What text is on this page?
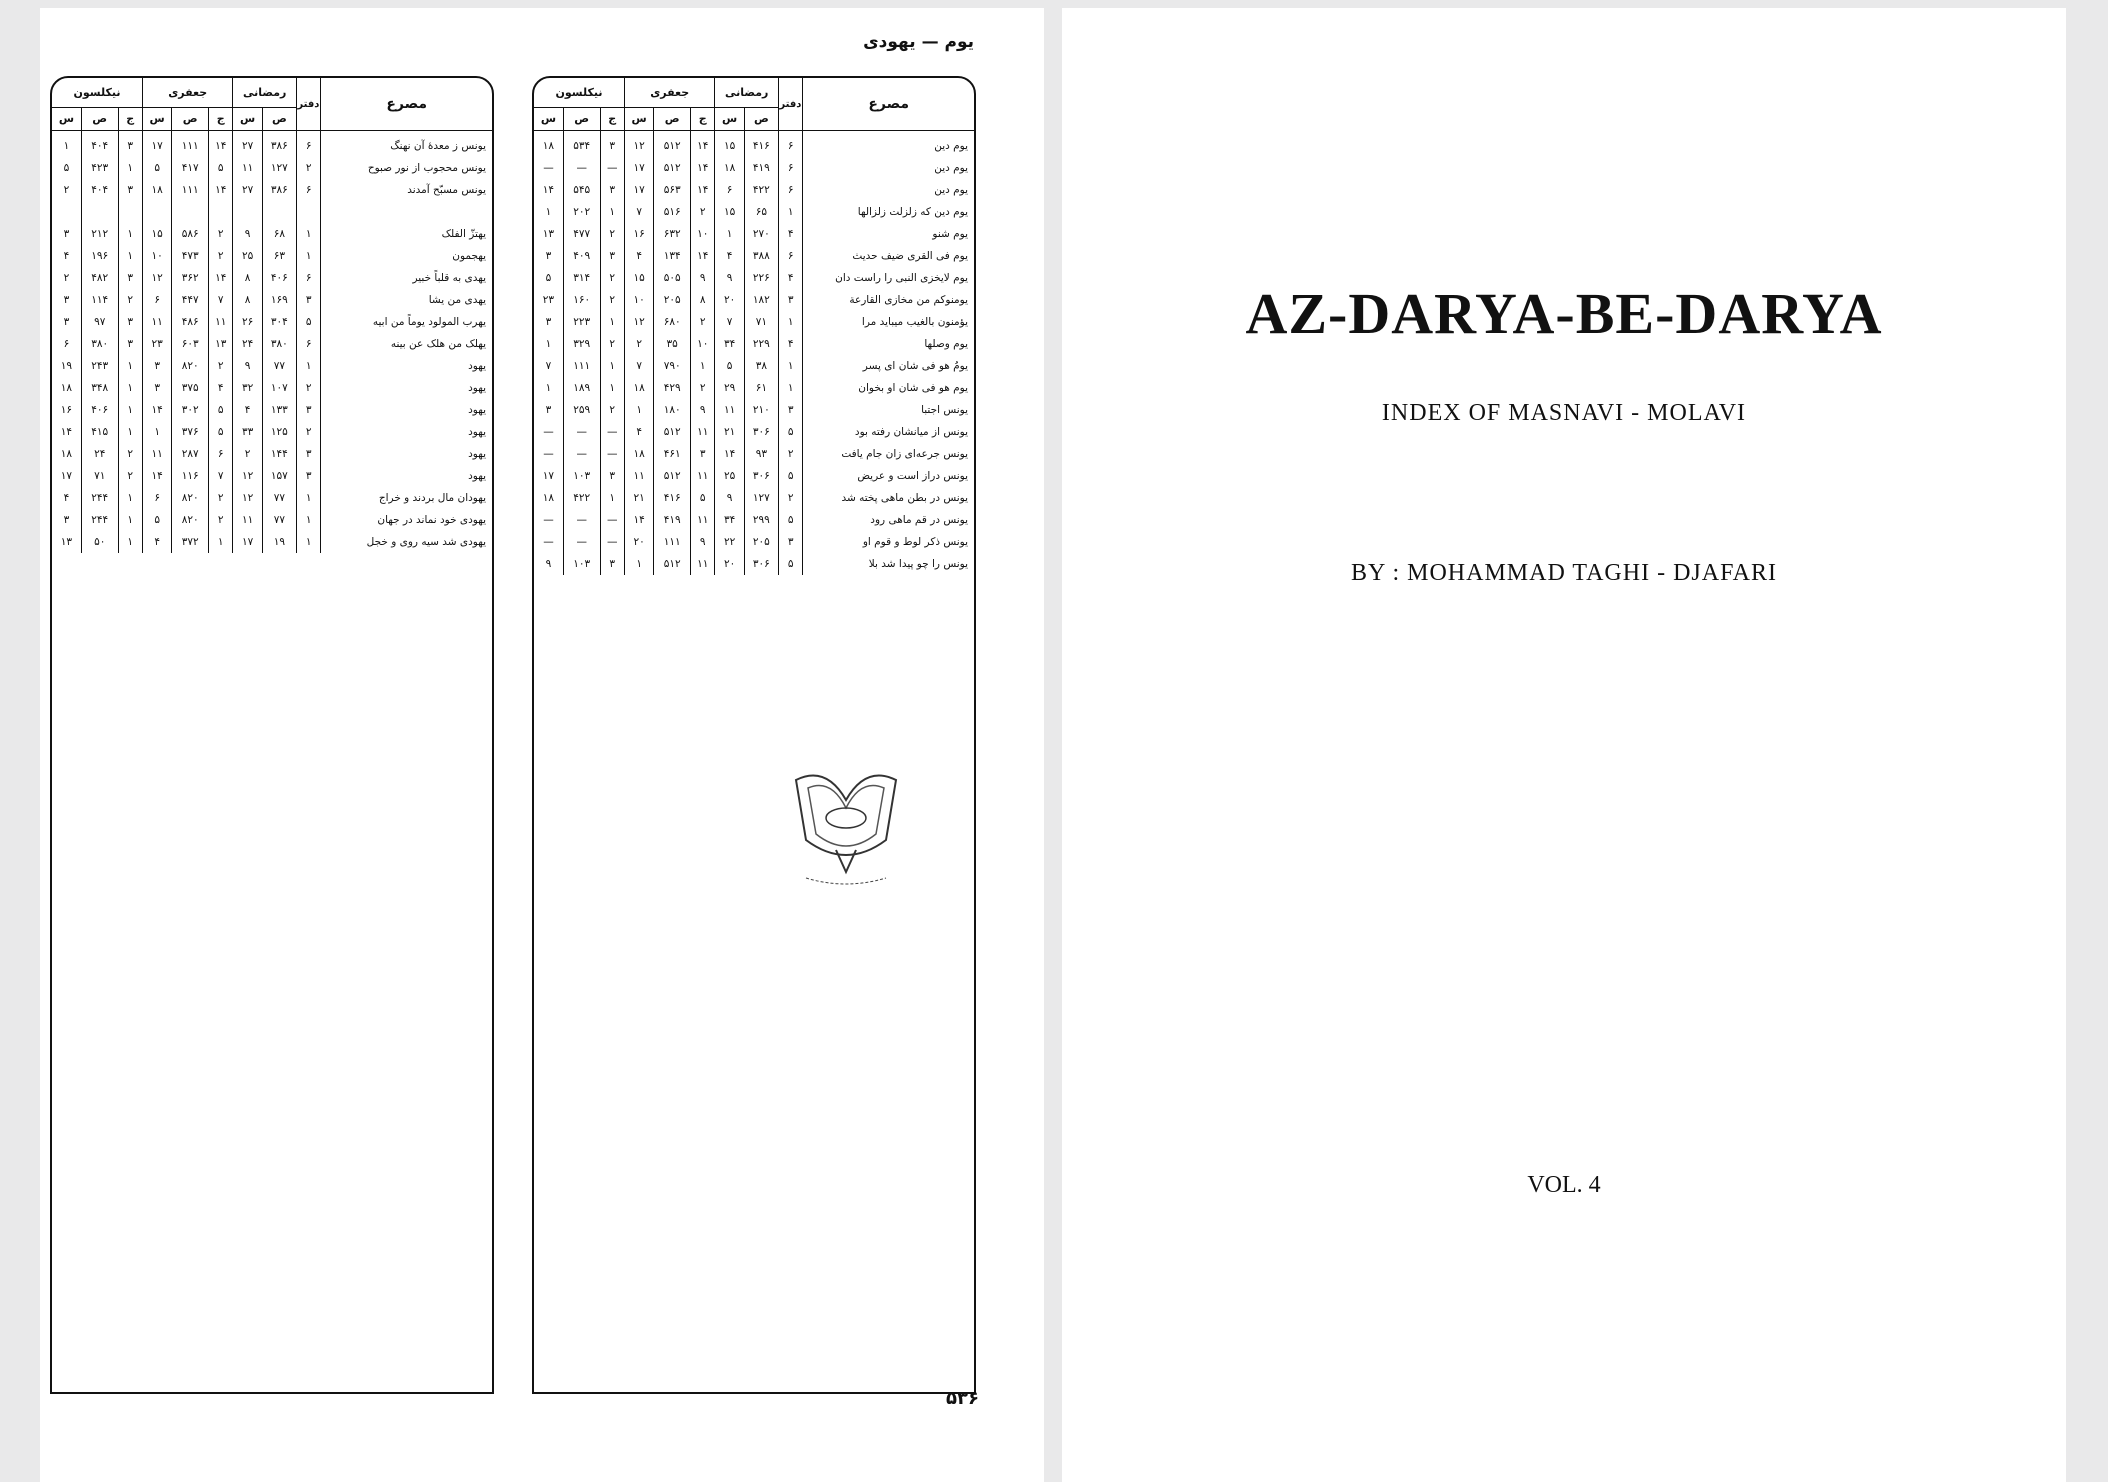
یوم — یهودی
مصرع	دفتر	رمضانی		جعفری			نیکلسون		
		ص	س	ج	ص	س	ج	ص	س
یوم دین	۶	۴۱۶	۱۵	۱۴	۵۱۲	۱۲	۳	۵۳۴	۱۸
یوم دین	۶	۴۱۹	۱۸	۱۴	۵۱۲	۱۷	—	—	—
یوم دین	۶	۴۲۲	۶	۱۴	۵۶۳	۱۷	۳	۵۴۵	۱۴
یوم دین که زلزلت زلزالها	۱	۶۵	۱۵	۲	۵۱۶	۷	۱	۲۰۲	۱
یوم شنو	۴	۲۷۰	۱	۱۰	۶۳۲	۱۶	۲	۴۷۷	۱۳
یوم فی القری ضیف حدیث	۶	۳۸۸	۴	۱۴	۱۳۴	۴	۳	۴۰۹	۳
یوم لایخزی النبی را راست دان	۴	۲۲۶	۹	۹	۵۰۵	۱۵	۲	۳۱۴	۵
یومنوکم من مخازی القارعة	۳	۱۸۲	۲۰	۸	۲۰۵	۱۰	۲	۱۶۰	۲۳
یؤمنون بالغیب میباید مرا	۱	۷۱	۷	۲	۶۸۰	۱۲	۱	۲۲۳	۳
یوم وصلها	۴	۲۲۹	۳۴	۱۰	۳۵	۲	۲	۳۲۹	۱
یومُ هو فی شان ای پسر	۱	۳۸	۵	۱	۷۹۰	۷	۱	۱۱۱	۷
یوم هو فی شان او بخوان	۱	۶۱	۲۹	۲	۴۲۹	۱۸	۱	۱۸۹	۱
یونس اجتبا	۳	۲۱۰	۱۱	۹	۱۸۰	۱	۲	۲۵۹	۳
یونس از میانشان رفته بود	۵	۳۰۶	۲۱	۱۱	۵۱۲	۴	—	—	—
یونس جرعه‌ای زان جام یافت	۲	۹۳	۱۴	۳	۴۶۱	۱۸	—	—	—
یونس دراز است و عریض	۵	۳۰۶	۲۵	۱۱	۵۱۲	۱۱	۳	۱۰۳	۱۷
یونس در بطن ماهی پخته شد	۲	۱۲۷	۹	۵	۴۱۶	۲۱	۱	۴۲۲	۱۸
یونس در قم ماهی رود	۵	۲۹۹	۳۴	۱۱	۴۱۹	۱۴	—	—	—
یونس ذکر لوط و قوم او	۳	۲۰۵	۲۲	۹	۱۱۱	۲۰	—	—	—
یونس را چو پیدا شد بلا	۵	۳۰۶	۲۰	۱۱	۵۱۲	۱	۳	۱۰۳	۹
مصرع	دفتر	رمضانی		جعفری			نیکلسون		
		ص	س	ج	ص	س	ج	ص	س
یونس ز معدهٔ آن نهنگ	۶	۳۸۶	۲۷	۱۴	۱۱۱	۱۷	۳	۴۰۴	۱
یونس محجوب از نور صبوح	۲	۱۲۷	۱۱	۵	۴۱۷	۵	۱	۴۲۳	۵
یونس مسبّح آمدند	۶	۳۸۶	۲۷	۱۴	۱۱۱	۱۸	۳	۴۰۴	۲

یهتزّ الفلک	۱	۶۸	۹	۲	۵۸۶	۱۵	۱	۲۱۲	۳
یهجمون	۱	۶۳	۲۵	۲	۴۷۳	۱۰	۱	۱۹۶	۴
یهدی به قلباً خبیر	۶	۴۰۶	۸	۱۴	۳۶۲	۱۲	۳	۴۸۲	۲
یهدی من یشا	۳	۱۶۹	۸	۷	۴۴۷	۶	۲	۱۱۴	۳
یهرب المولود یوماً من ابیه	۵	۳۰۴	۲۶	۱۱	۴۸۶	۱۱	۳	۹۷	۳
یهلک من هلک عن بینه	۶	۳۸۰	۲۴	۱۳	۶۰۳	۲۳	۳	۳۸۰	۶
یهود	۱	۷۷	۹	۲	۸۲۰	۳	۱	۲۴۳	۱۹
یهود	۲	۱۰۷	۳۲	۴	۳۷۵	۳	۱	۳۴۸	۱۸
یهود	۳	۱۳۳	۴	۵	۳۰۲	۱۴	۱	۴۰۶	۱۶
یهود	۲	۱۲۵	۳۳	۵	۳۷۶	۱	۱	۴۱۵	۱۴
یهود	۳	۱۴۴	۲	۶	۲۸۷	۱۱	۲	۲۴	۱۸
یهود	۳	۱۵۷	۱۲	۷	۱۱۶	۱۴	۲	۷۱	۱۷
یهودان مال بردند و خراج	۱	۷۷	۱۲	۲	۸۲۰	۶	۱	۲۴۴	۴
یهودی خود نماند در جهان	۱	۷۷	۱۱	۲	۸۲۰	۵	۱	۲۴۴	۳
یهودی شد سیه روی و خجل	۱	۱۹	۱۷	۱	۳۷۲	۴	۱	۵۰	۱۳
۵۳۶
AZ-DARYA-BE-DARYA
INDEX OF MASNAVI - MOLAVI
BY : MOHAMMAD TAGHI - DJAFARI
VOL. 4
